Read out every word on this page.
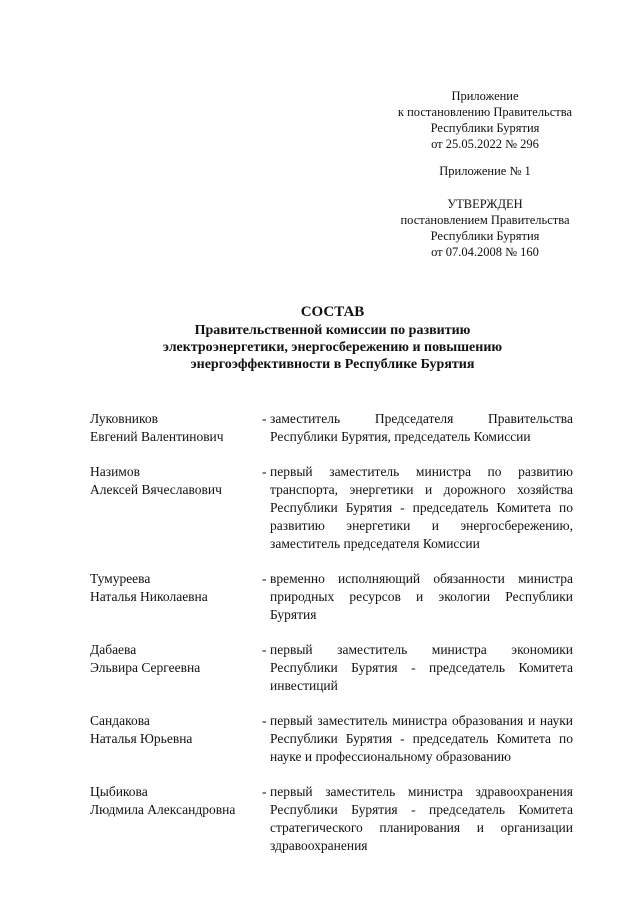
Приложение
к постановлению Правительства
Республики Бурятия
от 25.05.2022 № 296
Приложение № 1
УТВЕРЖДЕН
постановлением Правительства
Республики Бурятия
от 07.04.2008 № 160
СОСТАВ
Правительственной комиссии по развитию
электроэнергетики, энергосбережению и повышению
энергоэффективности в Республике Бурятия
Луковников
Евгений Валентинович
- заместитель Председателя Правительства Республики Бурятия, председатель Комиссии
Назимов
Алексей Вячеславович
- первый заместитель министра по развитию транспорта, энергетики и дорожного хозяйства Республики Бурятия - председатель Комитета по развитию энергетики и энергосбережению, заместитель председателя Комиссии
Тумуреева
Наталья Николаевна
- временно исполняющий обязанности министра природных ресурсов и экологии Республики Бурятия
Дабаева
Эльвира Сергеевна
- первый заместитель министра экономики Республики Бурятия - председатель Комитета инвестиций
Сандакова
Наталья Юрьевна
- первый заместитель министра образования и науки Республики Бурятия - председатель Комитета по науке и профессиональному образованию
Цыбикова
Людмила Александровна
- первый заместитель министра здравоохранения Республики Бурятия - председатель Комитета стратегического планирования и организации здравоохранения
